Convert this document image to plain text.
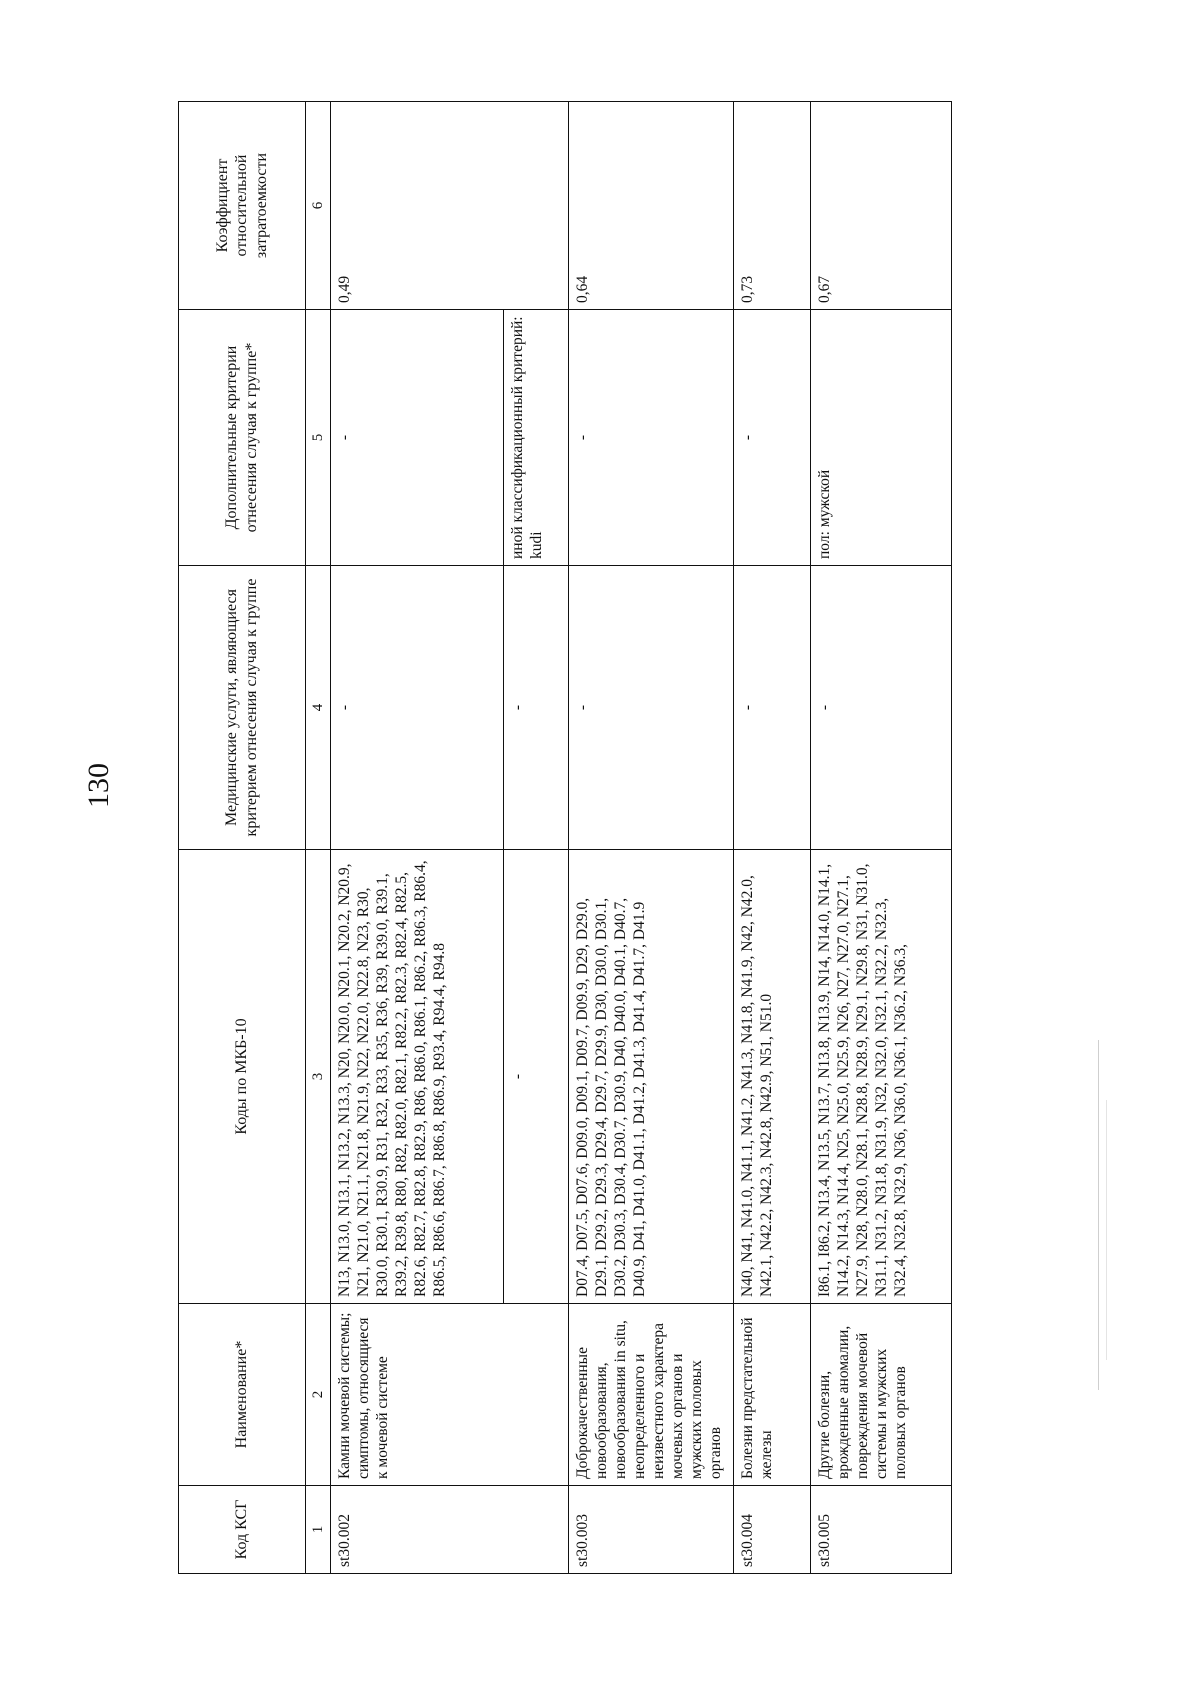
130
Код КСГ	Наименование*	Коды по МКБ-10	Медицинские услуги, являющиеся критерием отнесения случая к группе	Дополнительные критерии отнесения случая к группе*	Коэффициент относительной затратоемкости
1	2	3	4	5	6
st30.002	Камни мочевой системы; симптомы, относящиеся к мочевой системе	N13, N13.0, N13.1, N13.2, N13.3, N20, N20.0, N20.1, N20.2, N20.9, N21, N21.0, N21.1, N21.8, N21.9, N22, N22.0, N22.8, N23, R30, R30.0, R30.1, R30.9, R31, R32, R33, R35, R36, R39, R39.0, R39.1, R39.2, R39.8, R80, R82, R82.0, R82.1, R82.2, R82.3, R82.4, R82.5, R82.6, R82.7, R82.8, R82.9, R86, R86.0, R86.1, R86.2, R86.3, R86.4, R86.5, R86.6, R86.7, R86.8, R86.9, R93.4, R94.4, R94.8	-	-	0,49
		-	-	иной классификационный критерий: kudi	
st30.003	Доброкачественные новообразования, новообразования in situ, неопределенного и неизвестного характера мочевых органов и мужских половых органов	D07.4, D07.5, D07.6, D09.0, D09.1, D09.7, D09.9, D29, D29.0, D29.1, D29.2, D29.3, D29.4, D29.7, D29.9, D30, D30.0, D30.1, D30.2, D30.3, D30.4, D30.7, D30.9, D40, D40.0, D40.1, D40.7, D40.9, D41, D41.0, D41.1, D41.2, D41.3, D41.4, D41.7, D41.9	-	-	0,64
st30.004	Болезни предстательной железы	N40, N41, N41.0, N41.1, N41.2, N41.3, N41.8, N41.9, N42, N42.0, N42.1, N42.2, N42.3, N42.8, N42.9, N51, N51.0	-	-	0,73
st30.005	Другие болезни, врожденные аномалии, повреждения мочевой системы и мужских половых органов	I86.1, I86.2, N13.4, N13.5, N13.7, N13.8, N13.9, N14, N14.0, N14.1, N14.2, N14.3, N14.4, N25, N25.0, N25.9, N26, N27, N27.0, N27.1, N27.9, N28, N28.0, N28.1, N28.8, N28.9, N29.1, N29.8, N31, N31.0, N31.1, N31.2, N31.8, N31.9, N32, N32.0, N32.1, N32.2, N32.3, N32.4, N32.8, N32.9, N36, N36.0, N36.1, N36.2, N36.3,	-	пол: мужской	0,67
